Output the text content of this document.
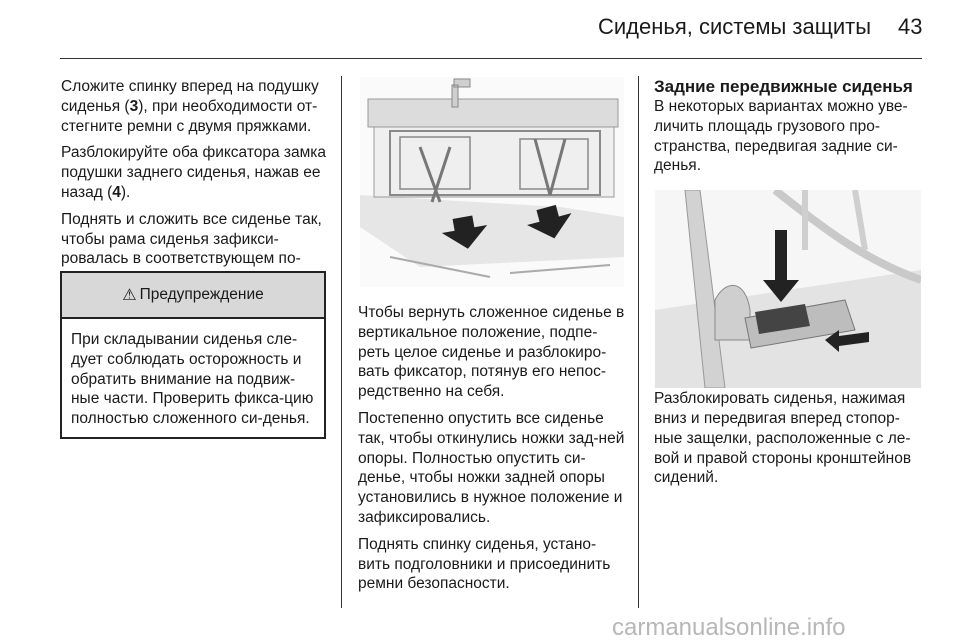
Сиденья, системы защиты 43

Сложите спинку вперед на подушку сиденья (3), при необходимости от-стегните ремни с двумя пряжками.

Разблокируйте оба фиксатора замка подушки заднего сиденья, нажав ее назад (4).

Поднять и сложить все сиденье так, чтобы рама сиденья зафикси-ровалась в соответствующем по-

⚠ Предупреждение
При складывании сиденья сле-дует соблюдать осторожность и обратить внимание на подвиж-ные части. Проверить фикса-цию полностью сложенного си-денья.

Чтобы вернуть сложенное сиденье в вертикальное положение, подпе-реть целое сиденье и разблокиро-вать фиксатор, потянув его непос-редственно на себя.

Постепенно опустить все сиденье так, чтобы откинулись ножки зад-ней опоры. Полностью опустить си-денье, чтобы ножки задней опоры установились в нужное положение и зафиксировались.

Поднять спинку сиденья, устано-вить подголовники и присоединить ремни безопасности.

Задние передвижные сиденья

В некоторых вариантах можно уве-личить площадь грузового про-странства, передвигая задние си-денья.

Разблокировать сиденья, нажимая вниз и передвигая вперед стопор-ные защелки, расположенные с ле-вой и правой стороны кронштейнов сидений.

carmanualsonline.info
